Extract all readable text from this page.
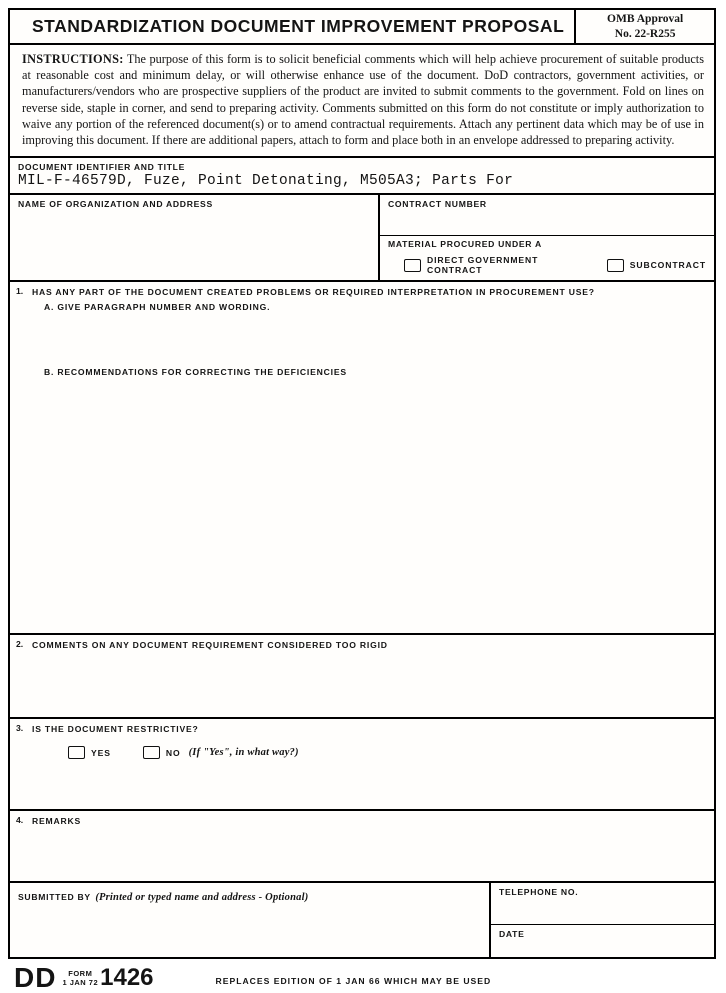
STANDARDIZATION DOCUMENT IMPROVEMENT PROPOSAL	OMB Approval
No. 22-R255
INSTRUCTIONS: The purpose of this form is to solicit beneficial comments which will help achieve procurement of suitable products at reasonable cost and minimum delay, or will otherwise enhance use of the document. DoD contractors, government activities, or manufacturers/vendors who are prospective suppliers of the product are invited to submit comments to the government. Fold on lines on reverse side, staple in corner, and send to preparing activity. Comments submitted on this form do not constitute or imply authorization to waive any portion of the referenced document(s) or to amend contractual requirements. Attach any pertinent data which may be of use in improving this document. If there are additional papers, attach to form and place both in an envelope addressed to preparing activity.
DOCUMENT IDENTIFIER AND TITLE
MIL-F-46579D, Fuze, Point Detonating, M505A3; Parts For
NAME OF ORGANIZATION AND ADDRESS	CONTRACT NUMBER
MATERIAL PROCURED UNDER A
DIRECT GOVERNMENT CONTRACT	SUBCONTRACT
1.	HAS ANY PART OF THE DOCUMENT CREATED PROBLEMS OR REQUIRED INTERPRETATION IN PROCUREMENT USE?
A. GIVE PARAGRAPH NUMBER AND WORDING.
B. RECOMMENDATIONS FOR CORRECTING THE DEFICIENCIES
2.	COMMENTS ON ANY DOCUMENT REQUIREMENT CONSIDERED TOO RIGID
3.	IS THE DOCUMENT RESTRICTIVE?
YES	NO (If "Yes", in what way?)
4.	REMARKS
SUBMITTED BY (Printed or typed name and address - Optional)	TELEPHONE NO.
DATE
DD FORM
1 JAN 72 1426	REPLACES EDITION OF 1 JAN 66 WHICH MAY BE USED
